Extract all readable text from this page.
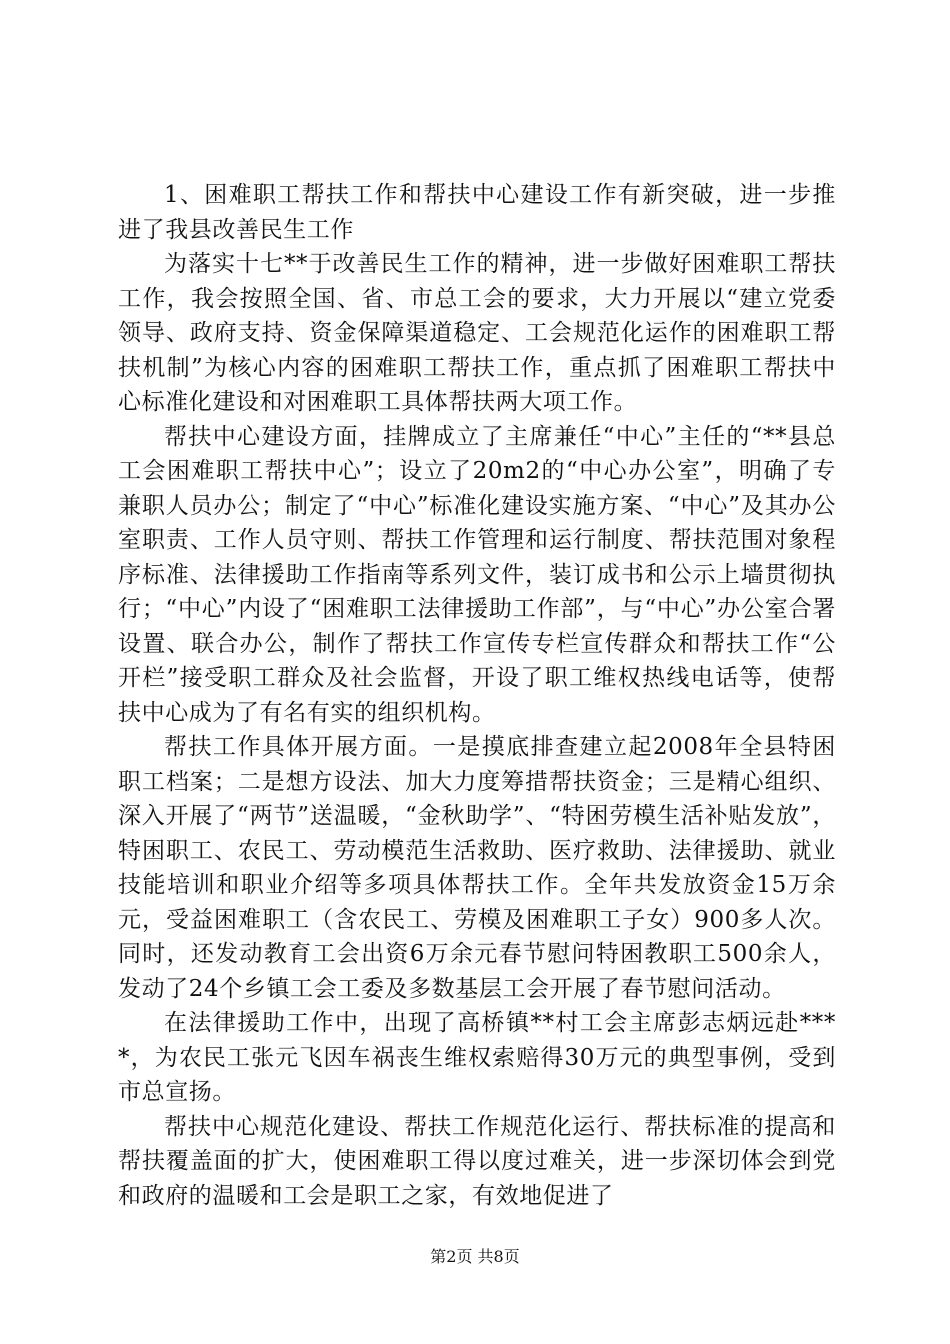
1、困难职工帮扶工作和帮扶中心建设工作有新突破，进一步推进了我县改善民生工作

为落实十七**于改善民生工作的精神，进一步做好困难职工帮扶工作，我会按照全国、省、市总工会的要求，大力开展以“建立党委领导、政府支持、资金保障渠道稳定、工会规范化运作的困难职工帮扶机制”为核心内容的困难职工帮扶工作，重点抓了困难职工帮扶中心标准化建设和对困难职工具体帮扶两大项工作。

帮扶中心建设方面，挂牌成立了主席兼任“中心”主任的“**县总工会困难职工帮扶中心”；设立了20m2的“中心办公室”，明确了专兼职人员办公；制定了“中心”标准化建设实施方案、“中心”及其办公室职责、工作人员守则、帮扶工作管理和运行制度、帮扶范围对象程序标准、法律援助工作指南等系列文件，装订成书和公示上墙贯彻执行；“中心”内设了“困难职工法律援助工作部”，与“中心”办公室合署设置、联合办公，制作了帮扶工作宣传专栏宣传群众和帮扶工作“公开栏”接受职工群众及社会监督，开设了职工维权热线电话等，使帮扶中心成为了有名有实的组织机构。

帮扶工作具体开展方面。一是摸底排查建立起2008年全县特困职工档案；二是想方设法、加大力度筹措帮扶资金；三是精心组织、深入开展了“两节”送温暖，“金秋助学”、“特困劳模生活补贴发放”，特困职工、农民工、劳动模范生活救助、医疗救助、法律援助、就业技能培训和职业介绍等多项具体帮扶工作。全年共发放资金15万余元，受益困难职工（含农民工、劳模及困难职工子女）900多人次。同时，还发动教育工会出资6万余元春节慰问特困教职工500余人，发动了24个乡镇工会工委及多数基层工会开展了春节慰问活动。

在法律援助工作中，出现了高桥镇**村工会主席彭志炳远赴****，为农民工张元飞因车祸丧生维权索赔得30万元的典型事例，受到市总宣扬。

帮扶中心规范化建设、帮扶工作规范化运行、帮扶标准的提高和帮扶覆盖面的扩大，使困难职工得以度过难关，进一步深切体会到党和政府的温暖和工会是职工之家，有效地促进了

第2页 共8页
